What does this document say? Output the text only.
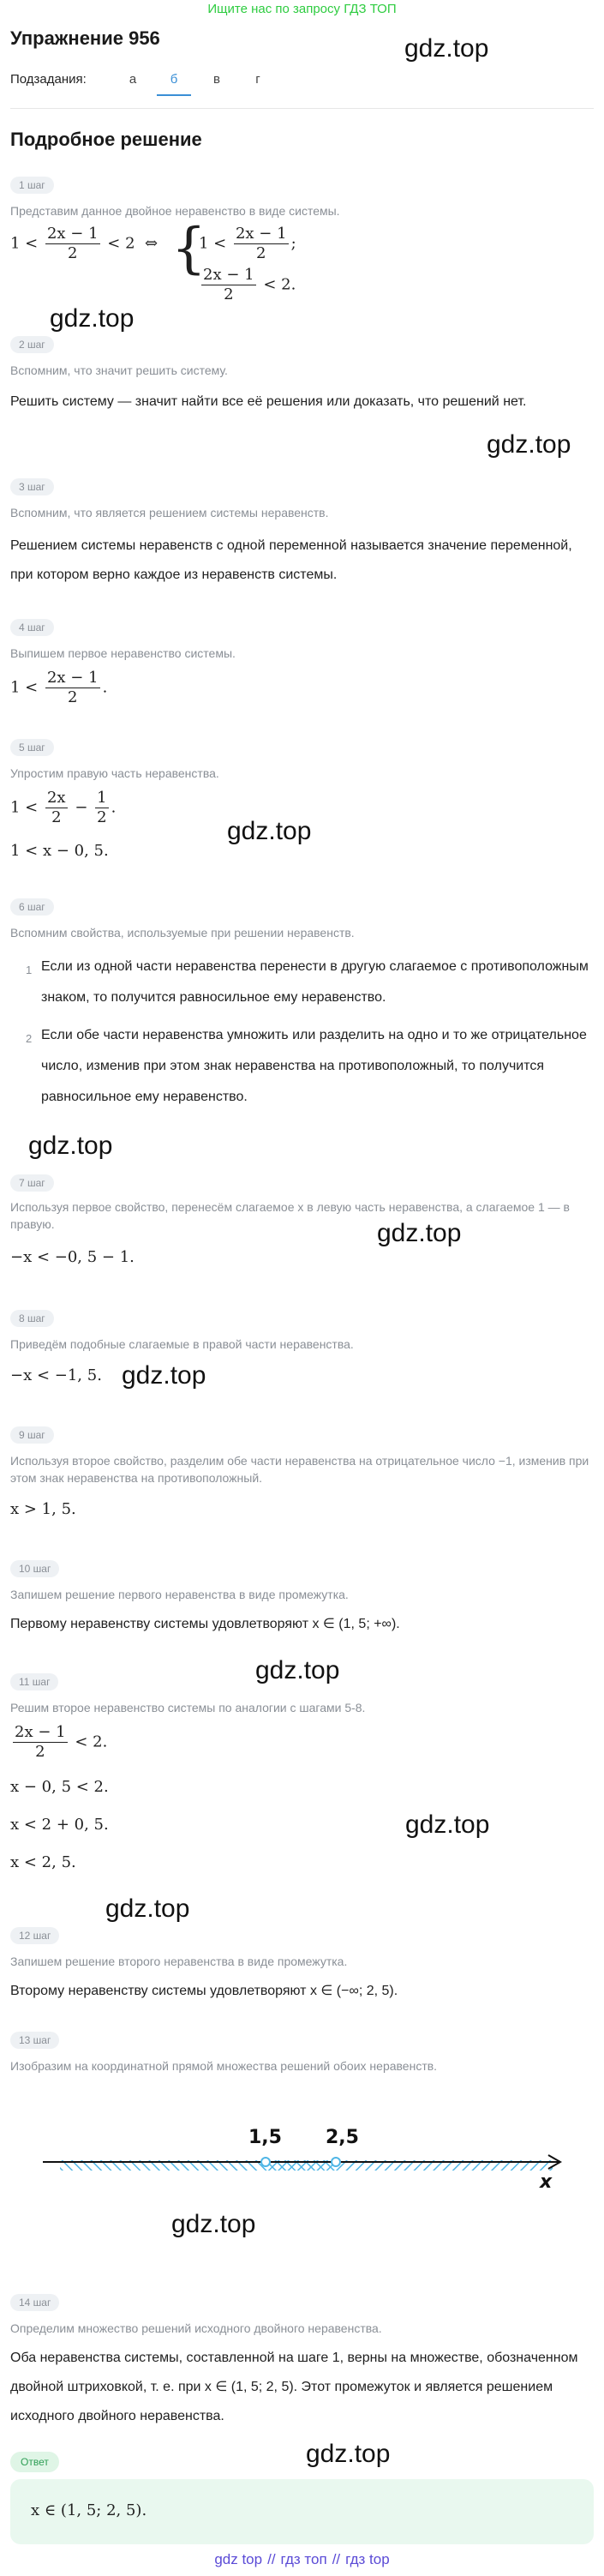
Ищите нас по запросу ГДЗ ТОП
gdz.top
Упражнение 956
Подзадания:	а	б	в	г
Подробное решение
1 шаг
Представим данное двойное неравенство в виде системы.
$1 < \frac{2x - 1}{2} < 2$  ⇔ {
$1 < \frac{2x - 1}{2}$ ;
$\frac{2x - 1}{2} < 2$.
gdz.top
2 шаг
Вспомним, что значит решить систему.
Решить систему — значит найти все её решения или доказать, что решений нет.
gdz.top
3 шаг
Вспомним, что является решением системы неравенств.
Решением системы неравенств с одной переменной называется значение переменной, при котором верно каждое из неравенств системы.
4 шаг
Выпишем первое неравенство системы.
$1 < \frac{2x - 1}{2}$ .
5 шаг
Упростим правую часть неравенства.
$1 < \frac{2x}{2} - \frac{1}{2}$ .
1 < x − 0, 5.
gdz.top
6 шаг
Вспомним свойства, используемые при решении неравенств.
1 Если из одной части неравенства перенести в другую слагаемое с противоположным знаком, то получится равносильное ему неравенство.
2 Если обе части неравенства умножить или разделить на одно и то же отрицательное число, изменив при этом знак неравенства на противоположный, то получится равносильное ему неравенство.
gdz.top
7 шаг
Используя первое свойство, перенесём слагаемое x в левую часть неравенства, а слагаемое 1 — в правую.
−x < −0, 5 − 1.
gdz.top
8 шаг
Приведём подобные слагаемые в правой части неравенства.
−x < −1, 5. gdz.top
9 шаг
Используя второе свойство, разделим обе части неравенства на отрицательное число −1, изменив при этом знак неравенства на противоположный.
x > 1, 5.
10 шаг
Запишем решение первого неравенства в виде промежутка.
Первому неравенству системы удовлетворяют x ∈ (1, 5; +∞).
gdz.top
11 шаг
Решим второе неравенство системы по аналогии с шагами 5-8.
$\frac{2x - 1}{2} < 2$.
x − 0, 5 < 2.
x < 2 + 0, 5.
x < 2, 5.
gdz.top
gdz.top
12 шаг
Запишем решение второго неравенства в виде промежутка.
Второму неравенству системы удовлетворяют x ∈ (−∞; 2, 5).
13 шаг
Изобразим на координатной прямой множества решений обоих неравенств.
1,5 2,5
x
gdz.top
14 шаг
Определим множество решений исходного двойного неравенства.
Оба неравенства системы, составленной на шаге 1, верны на множестве, обозначенном двойной штриховкой, т. е. при x ∈ (1, 5; 2, 5). Этот промежуток и является решением исходного двойного неравенства.
gdz.top
Ответ
x ∈ (1, 5; 2, 5).
gdz top // гдз топ // гдз top
